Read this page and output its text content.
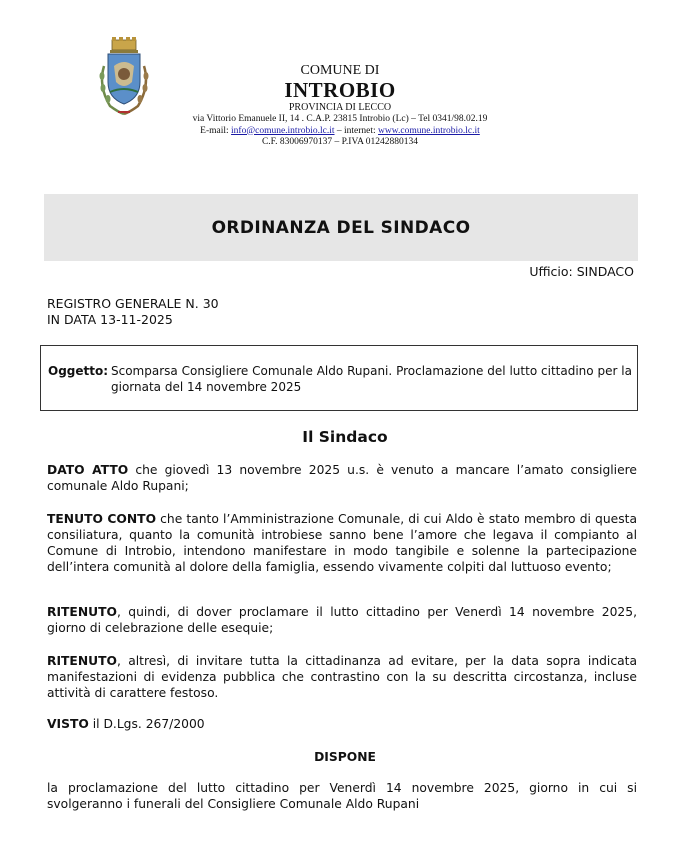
COMUNE DI
INTROBIO
PROVINCIA DI LECCO
via Vittorio Emanuele II, 14 . C.A.P. 23815 Introbio (Lc) – Tel 0341/98.02.19
E-mail: info@comune.introbio.lc.it – internet: www.comune.introbio.lc.it
C.F. 83006970137 – P.IVA 01242880134
ORDINANZA DEL SINDACO
Ufficio: SINDACO
REGISTRO GENERALE N. 30
IN DATA 13-11-2025
Oggetto: Scomparsa Consigliere Comunale Aldo Rupani. Proclamazione del lutto cittadino per la giornata del 14 novembre 2025
Il Sindaco
DATO ATTO che giovedì 13 novembre 2025 u.s. è venuto a mancare l’amato consigliere comunale Aldo Rupani;
TENUTO CONTO che tanto l’Amministrazione Comunale, di cui Aldo è stato membro di questa consiliatura, quanto la comunità introbiese sanno bene l’amore che legava il compianto al Comune di Introbio, intendono manifestare in modo tangibile e solenne la partecipazione dell’intera comunità al dolore della famiglia, essendo vivamente colpiti dal luttuoso evento;
RITENUTO, quindi, di dover proclamare il lutto cittadino per Venerdì 14 novembre 2025, giorno di celebrazione delle esequie;
RITENUTO, altresì, di invitare tutta la cittadinanza ad evitare, per la data sopra indicata manifestazioni di evidenza pubblica che contrastino con la su descritta circostanza, incluse attività di carattere festoso.
VISTO il D.Lgs. 267/2000
DISPONE
la proclamazione del lutto cittadino per Venerdì 14 novembre 2025, giorno in cui si svolgeranno i funerali del Consigliere Comunale Aldo Rupani
